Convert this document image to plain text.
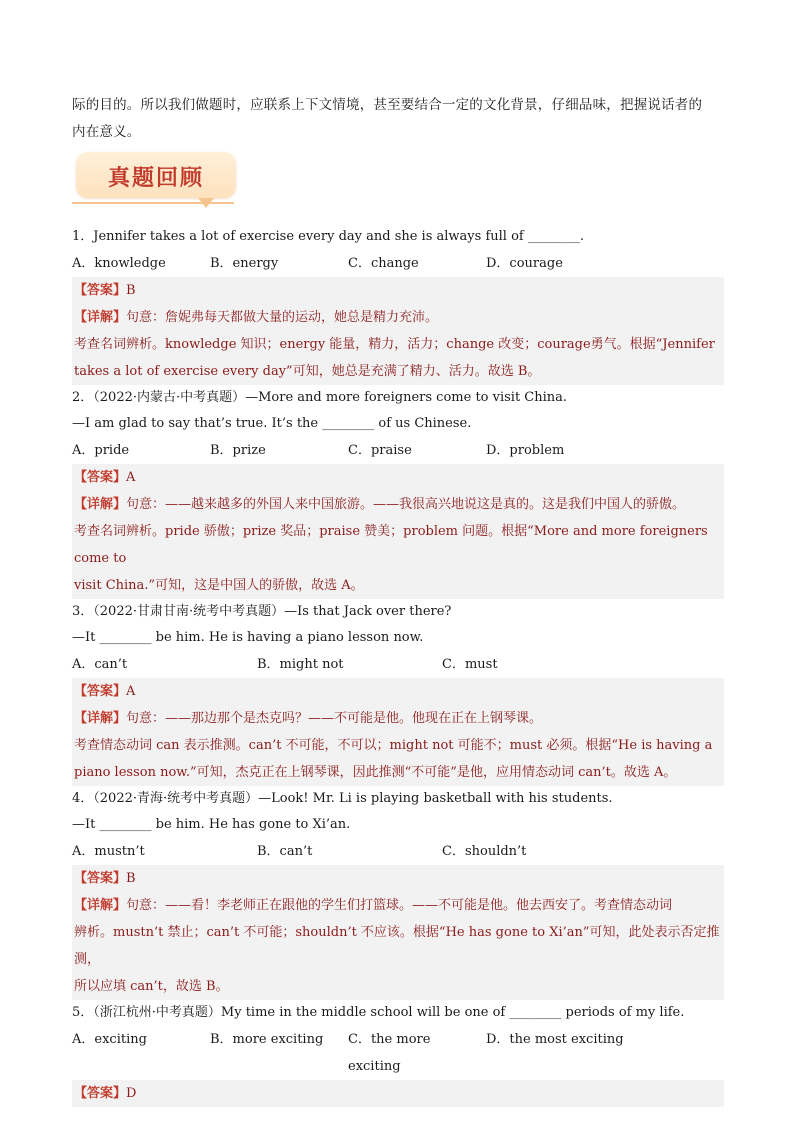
际的目的。所以我们做题时，应联系上下文情境，甚至要结合一定的文化背景，仔细品味，把握说话者的
内在意义。
真题回顾
1．Jennifer takes a lot of exercise every day and she is always full of ________.
A．knowledge	B．energy	C．change	D．courage
【答案】B
【详解】句意：詹妮弗每天都做大量的运动，她总是精力充沛。
考查名词辨析。knowledge 知识；energy 能量，精力，活力；change 改变；courage勇气。根据“Jennifer
takes a lot of exercise every day”可知，她总是充满了精力、活力。故选 B。
2．（2022·内蒙古·中考真题）—More and more foreigners come to visit China.
—I am glad to say that’s true. It’s the ________ of us Chinese.
A．pride	B．prize	C．praise	D．problem
【答案】A
【详解】句意：——越来越多的外国人来中国旅游。——我很高兴地说这是真的。这是我们中国人的骄傲。
考查名词辨析。pride 骄傲；prize 奖品；praise 赞美；problem 问题。根据“More and more foreigners come to
visit China.”可知，这是中国人的骄傲，故选 A。
3．（2022·甘肃甘南·统考中考真题）—Is that Jack over there?
—It ________ be him. He is having a piano lesson now.
A．can’t	B．might not	C．must
【答案】A
【详解】句意：——那边那个是杰克吗？——不可能是他。他现在正在上钢琴课。
考查情态动词 can 表示推测。can’t 不可能，不可以；might not 可能不；must 必须。根据“He is having a
piano lesson now.”可知，杰克正在上钢琴课，因此推测“不可能”是他，应用情态动词 can’t。故选 A。
4．（2022·青海·统考中考真题）—Look! Mr. Li is playing basketball with his students.
—It ________ be him. He has gone to Xi’an.
A．mustn’t	B．can’t	C．shouldn’t
【答案】B
【详解】句意：——看！李老师正在跟他的学生们打篮球。——不可能是他。他去西安了。考查情态动词
辨析。mustn’t 禁止；can’t 不可能；shouldn’t 不应该。根据“He has gone to Xi’an”可知，此处表示否定推测，
所以应填 can’t，故选 B。
5．（浙江杭州·中考真题）My time in the middle school will be one of ________ periods of my life.
A．exciting	B．more exciting	C．the more exciting
D．the most exciting
【答案】D
